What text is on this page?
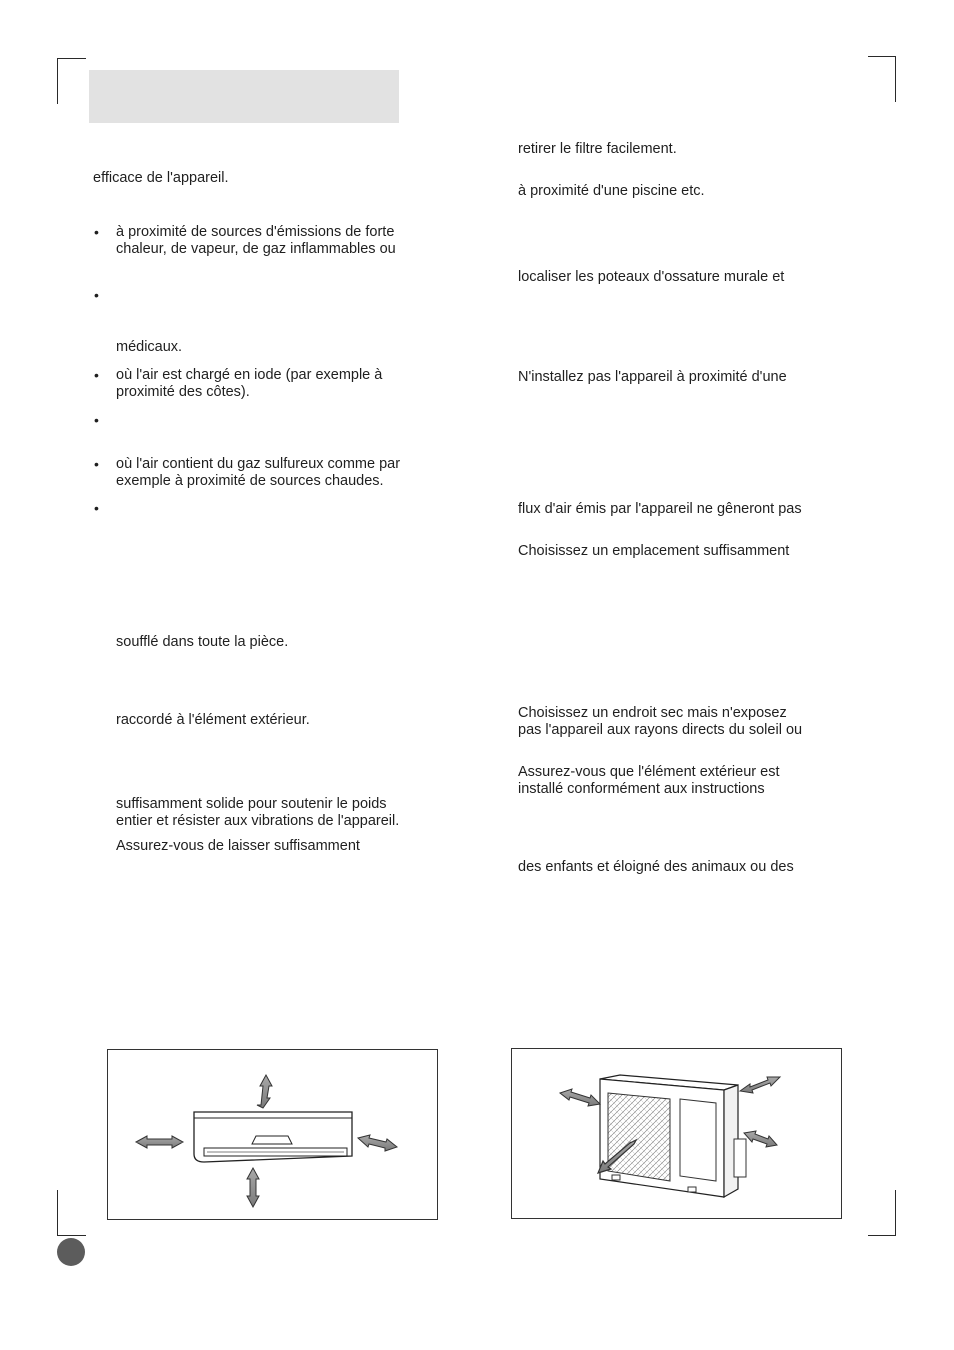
efficace de l'appareil.
• à proximité de sources d'émissions de forte
chaleur, de vapeur, de gaz inflammables ou
•
médicaux.
• où l'air est chargé en iode (par exemple à
proximité des côtes).
•
• où l'air contient du gaz sulfureux comme par
exemple à proximité de sources chaudes.
•
soufflé dans toute la pièce.
raccordé à l'élément extérieur.
suffisamment solide pour soutenir le poids
entier et résister aux vibrations de l'appareil.
Assurez-vous de laisser suffisamment
retirer le filtre facilement.
à proximité d'une piscine etc.
localiser les poteaux d'ossature murale et
N'installez pas l'appareil à proximité d'une
flux d'air émis par l'appareil ne gêneront pas
Choisissez un emplacement suffisamment
Choisissez un endroit sec mais n'exposez
pas l'appareil aux rayons directs du soleil ou
Assurez-vous que l'élément extérieur est
installé conformément aux instructions
des enfants et éloigné des animaux ou des
